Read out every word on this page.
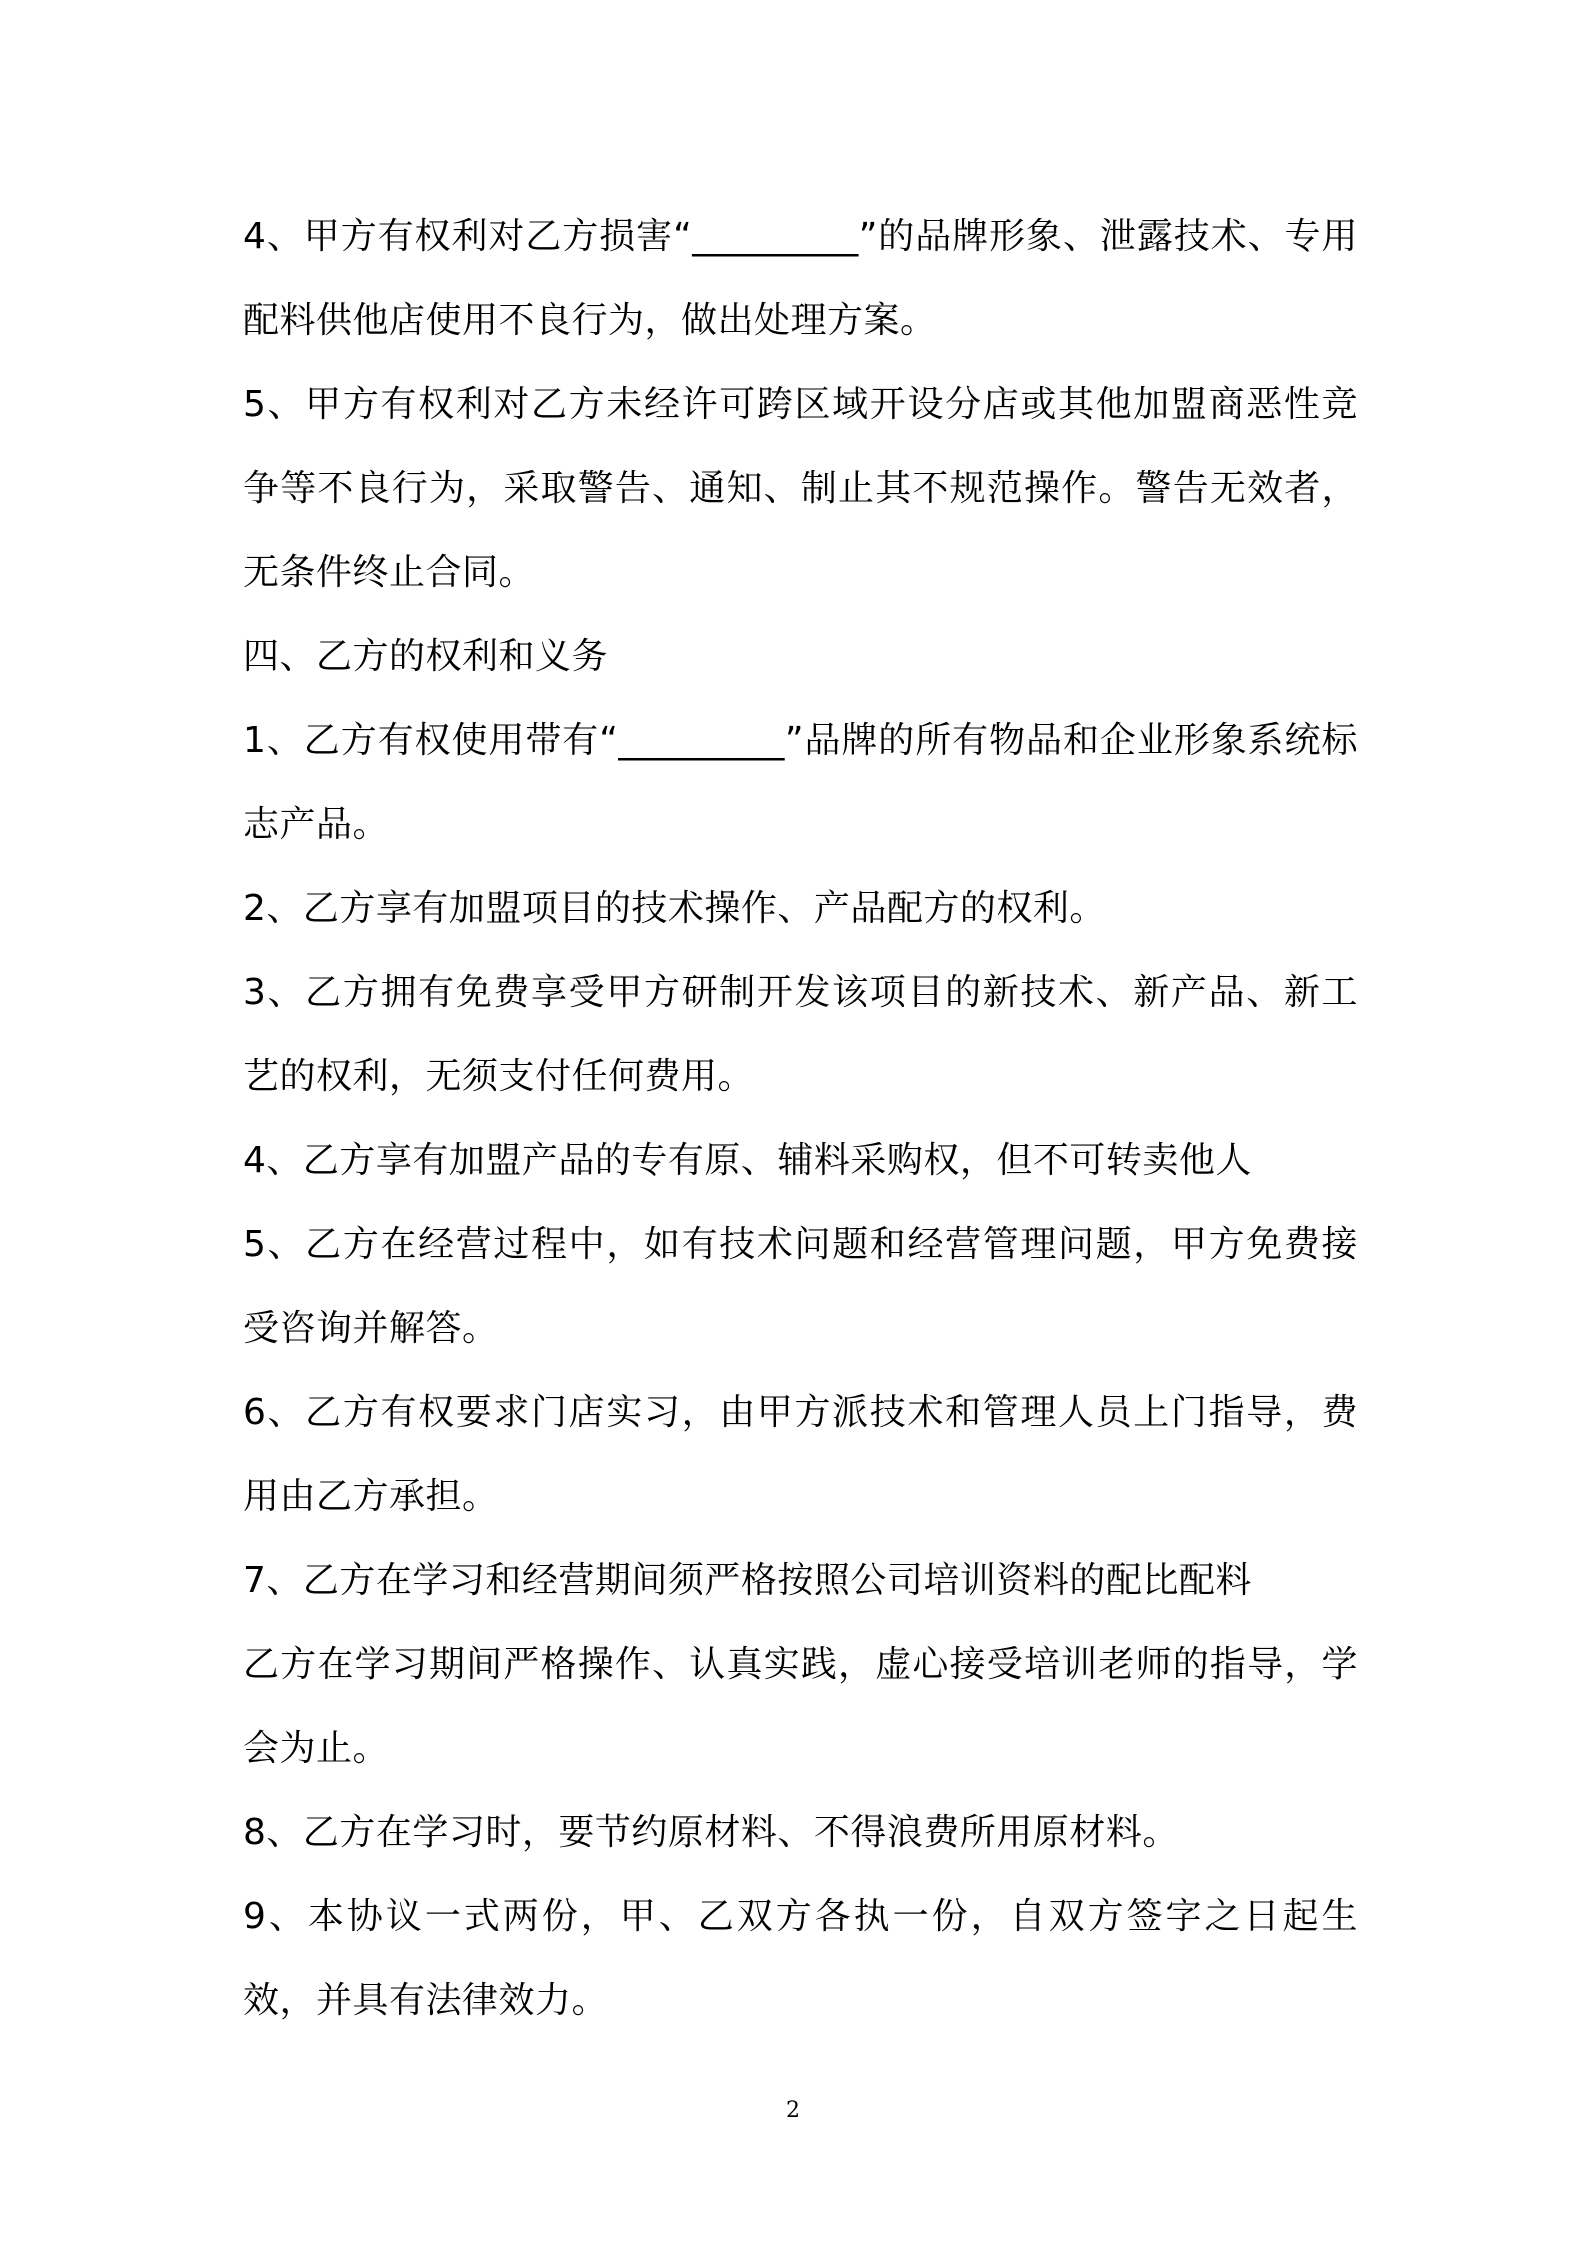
4、甲方有权利对乙方损害“_________”的品牌形象、泄露技术、专用配料供他店使用不良行为，做出处理方案。

5、甲方有权利对乙方未经许可跨区域开设分店或其他加盟商恶性竞争等不良行为，采取警告、通知、制止其不规范操作。警告无效者，无条件终止合同。

四、乙方的权利和义务

1、乙方有权使用带有“_________”品牌的所有物品和企业形象系统标志产品。

2、乙方享有加盟项目的技术操作、产品配方的权利。

3、乙方拥有免费享受甲方研制开发该项目的新技术、新产品、新工艺的权利，无须支付任何费用。

4、乙方享有加盟产品的专有原、辅料采购权，但不可转卖他人

5、乙方在经营过程中，如有技术问题和经营管理问题，甲方免费接受咨询并解答。

6、乙方有权要求门店实习，由甲方派技术和管理人员上门指导，费用由乙方承担。

7、乙方在学习和经营期间须严格按照公司培训资料的配比配料

乙方在学习期间严格操作、认真实践，虚心接受培训老师的指导，学会为止。

8、乙方在学习时，要节约原材料、不得浪费所用原材料。

9、本协议一式两份，甲、乙双方各执一份，自双方签字之日起生效，并具有法律效力。

2
